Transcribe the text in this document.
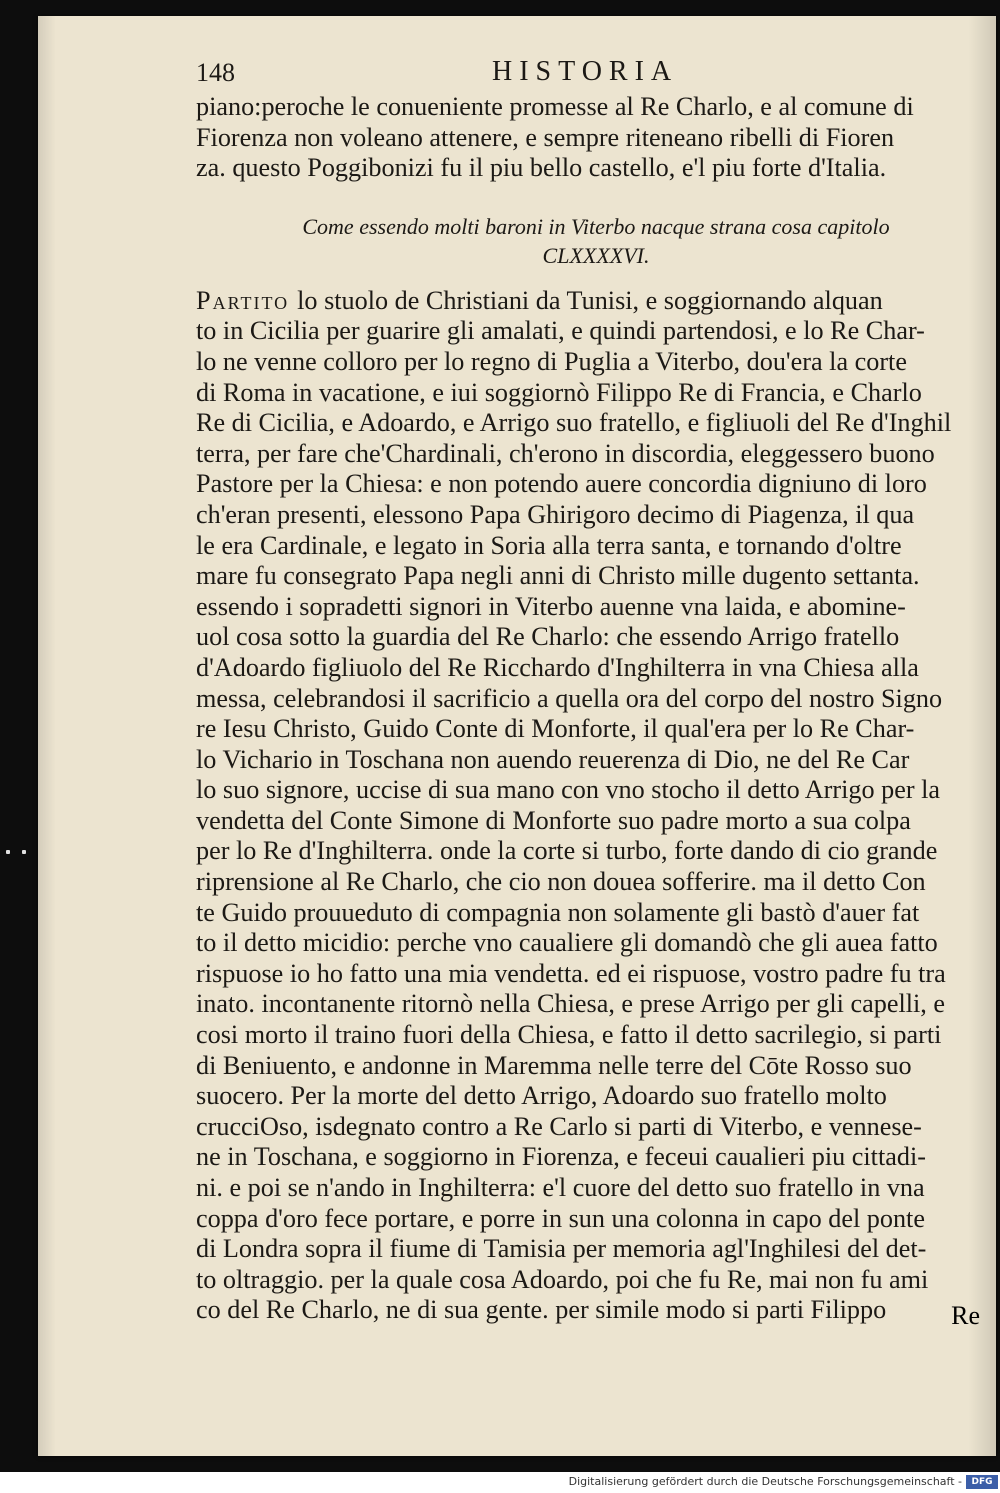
148	HISTORIA

piano:peroche le conueniente promesse al Re Charlo, e al comune di

Fiorenza non voleano attenere, e sempre riteneano ribelli di Fioren

za. questo Poggibonizi fu il piu bello castello, e'l piu forte d'Italia.

Come essendo molti baroni in Viterbo nacque strana cosa capitolo
CLXXXXVI.

Partito lo stuolo de Christiani da Tunisi, e soggiornando alquan

to in Cicilia per guarire gli amalati, e quindi partendosi, e lo Re Char-

lo ne venne colloro per lo regno di Puglia a Viterbo, dou'era la corte

di Roma in vacatione, e iui soggiornò Filippo Re di Francia, e Charlo

Re di Cicilia, e Adoardo, e Arrigo suo fratello, e figliuoli del Re d'Inghil

terra, per fare che'Chardinali, ch'erono in discordia, eleggessero buono

Pastore per la Chiesa: e non potendo auere concordia digniuno di loro

ch'eran presenti, elessono Papa Ghirigoro decimo di Piagenza, il qua

le era Cardinale, e legato in Soria alla terra santa, e tornando d'oltre

mare fu consegrato Papa negli anni di Christo mille dugento settanta.

essendo i sopradetti signori in Viterbo auenne vna laida, e abomine-

uol cosa sotto la guardia del Re Charlo: che essendo Arrigo fratello

d'Adoardo figliuolo del Re Ricchardo d'Inghilterra in vna Chiesa alla

messa, celebrandosi il sacrificio a quella ora del corpo del nostro Signo

re Iesu Christo, Guido Conte di Monforte, il qual'era per lo Re Char-

lo Vichario in Toschana non auendo reuerenza di Dio, ne del Re Car

lo suo signore, uccise di sua mano con vno stocho il detto Arrigo per la

vendetta del Conte Simone di Monforte suo padre morto a sua colpa

per lo Re d'Inghilterra. onde la corte si turbo, forte dando di cio grande

riprensione al Re Charlo, che cio non douea sofferire. ma il detto Con

te Guido prouueduto di compagnia non solamente gli bastò d'auer fat

to il detto micidio: perche vno caualiere gli domandò che gli auea fatto

rispuose io ho fatto una mia vendetta. ed ei rispuose, vostro padre fu tra

inato. incontanente ritornò nella Chiesa, e prese Arrigo per gli capelli, e

cosi morto il traino fuori della Chiesa, e fatto il detto sacrilegio, si parti

di Beniuento, e andonne in Maremma nelle terre del Cōte Rosso suo

suocero. Per la morte del detto Arrigo, Adoardo suo fratello molto

crucciOso, isdegnato contro a Re Carlo si parti di Viterbo, e vennese-

ne in Toschana, e soggiorno in Fiorenza, e feceui caualieri piu cittadi-

ni. e poi se n'ando in Inghilterra: e'l cuore del detto suo fratello in vna

coppa d'oro fece portare, e porre in sun una colonna in capo del ponte

di Londra sopra il fiume di Tamisia per memoria agl'Inghilesi del det-

to oltraggio. per la quale cosa Adoardo, poi che fu Re, mai non fu ami

co del Re Charlo, ne di sua gente. per simile modo si parti Filippo	Re
Digitalisierung gefördert durch die Deutsche Forschungsgemeinschaft -	DFG
